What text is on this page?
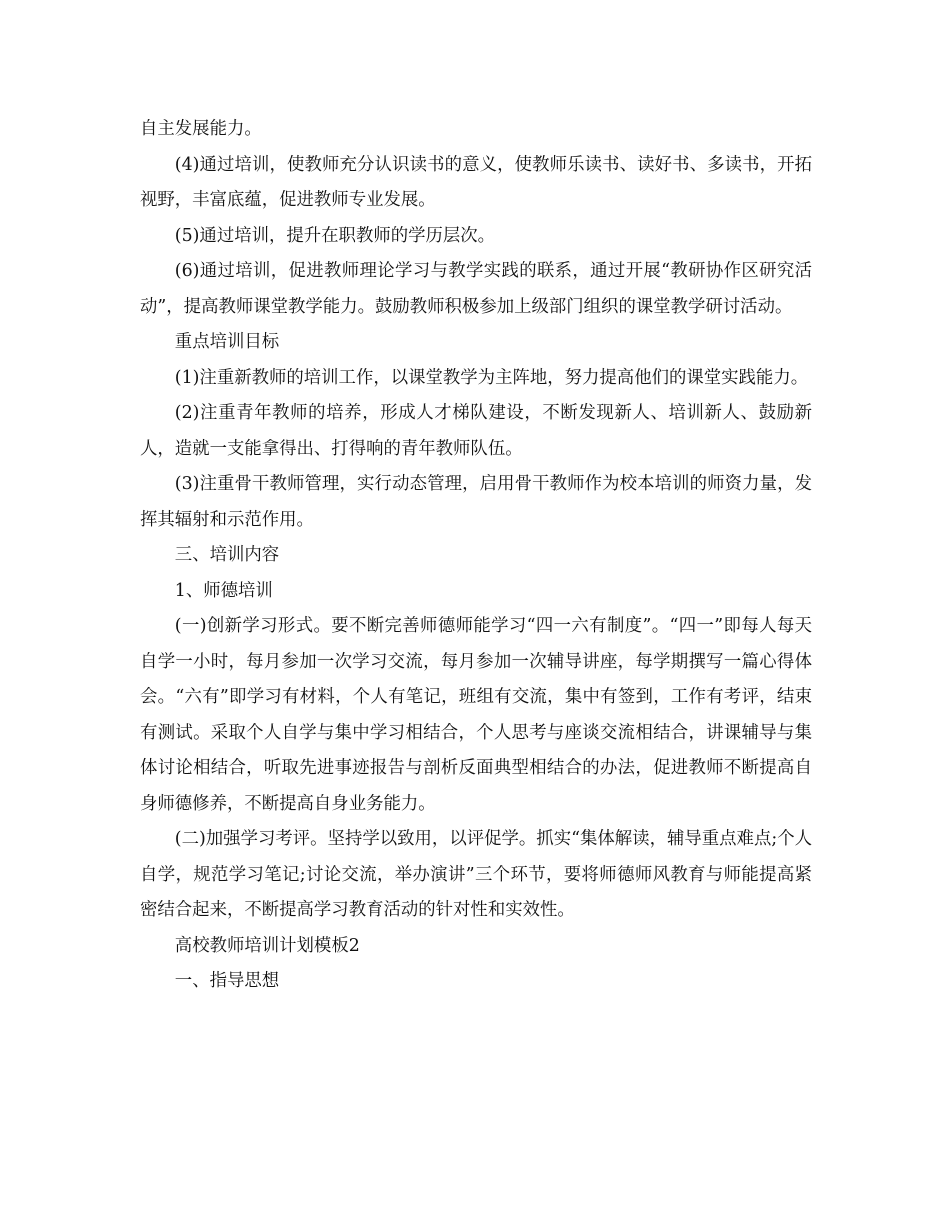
自主发展能力。

(4)通过培训，使教师充分认识读书的意义，使教师乐读书、读好书、多读书，开拓视野，丰富底蕴，促进教师专业发展。

(5)通过培训，提升在职教师的学历层次。

(6)通过培训，促进教师理论学习与教学实践的联系，通过开展“教研协作区研究活动”，提高教师课堂教学能力。鼓励教师积极参加上级部门组织的课堂教学研讨活动。

重点培训目标

(1)注重新教师的培训工作，以课堂教学为主阵地，努力提高他们的课堂实践能力。

(2)注重青年教师的培养，形成人才梯队建设，不断发现新人、培训新人、鼓励新人，造就一支能拿得出、打得响的青年教师队伍。

(3)注重骨干教师管理，实行动态管理，启用骨干教师作为校本培训的师资力量，发挥其辐射和示范作用。

三、培训内容

1、师德培训

(一)创新学习形式。要不断完善师德师能学习“四一六有制度”。“四一”即每人每天自学一小时，每月参加一次学习交流，每月参加一次辅导讲座，每学期撰写一篇心得体会。“六有”即学习有材料，个人有笔记，班组有交流，集中有签到，工作有考评，结束有测试。采取个人自学与集中学习相结合，个人思考与座谈交流相结合，讲课辅导与集体讨论相结合，听取先进事迹报告与剖析反面典型相结合的办法，促进教师不断提高自身师德修养，不断提高自身业务能力。

(二)加强学习考评。坚持学以致用，以评促学。抓实“集体解读，辅导重点难点;个人自学，规范学习笔记;讨论交流，举办演讲”三个环节，要将师德师风教育与师能提高紧密结合起来，不断提高学习教育活动的针对性和实效性。

高校教师培训计划模板2

一、指导思想
